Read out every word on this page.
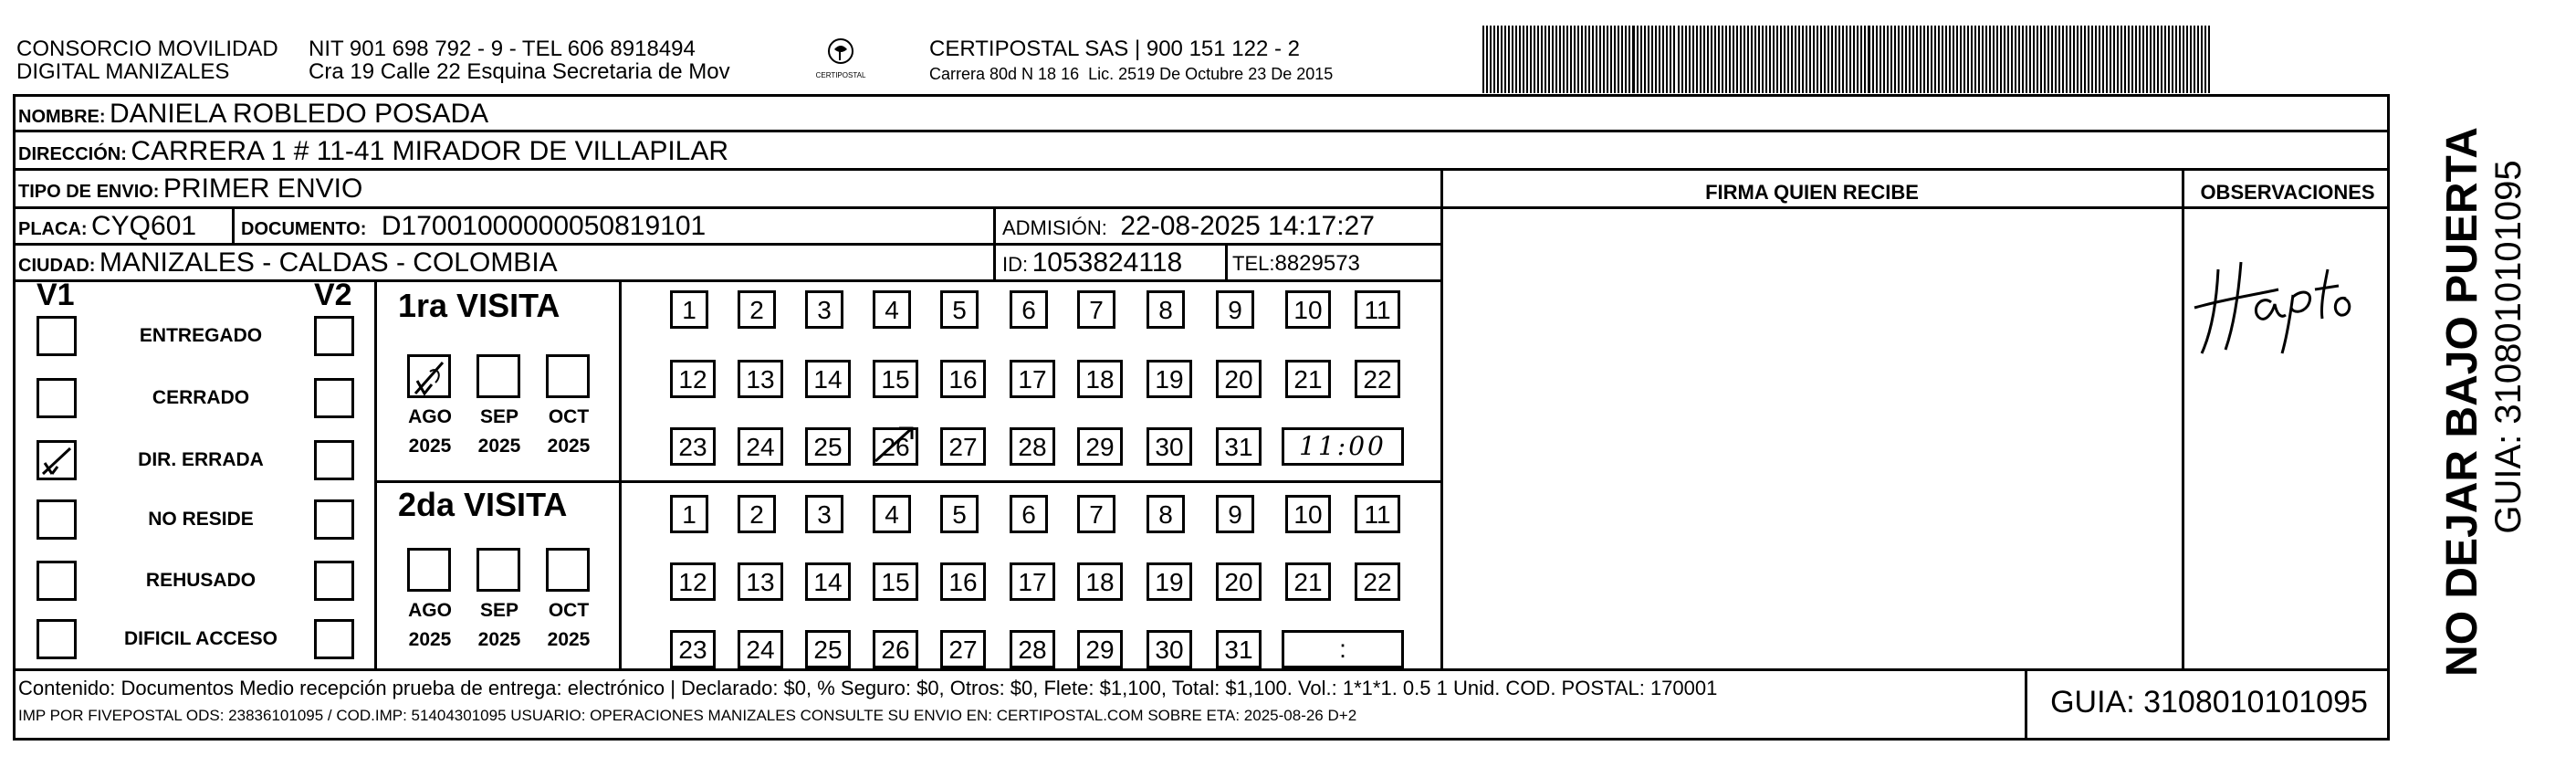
CONSORCIO MOVILIDAD
DIGITAL MANIZALES
NIT 901 698 792 - 9 - TEL 606 8918494
Cra 19 Calle 22 Esquina Secretaria de Mov	CERTIPOSTAL
CERTIPOSTAL SAS | 900 151 122 - 2
Carrera 80d N 18 16  Lic. 2519 De Octubre 23 De 2015
NOMBRE: DANIELA ROBLEDO POSADA
DIRECCIÓN: CARRERA 1 # 11-41 MIRADOR DE VILLAPILAR
TIPO DE ENVIO: PRIMER ENVIO
PLACA: CYQ601 DOCUMENTO: D17001000000050819101	ADMISIÓN: 22-08-2025 14:17:27
CIUDAD: MANIZALES - CALDAS - COLOMBIA	ID: 1053824118 TEL:8829573
FIRMA QUIEN RECIBE	OBSERVACIONES
V1	V2
ENTREGADO
CERRADO
DIR. ERRADA
NO RESIDE
REHUSADO
DIFICIL ACCESO
1ra VISITA
2da VISITA
AGO
2025
SEP
2025
OCT
2025
AGO
2025
SEP
2025
OCT
2025
1	2	3	4	5	6	7	8	9	10	11
12	13	14	15	16	17	18	19	20	21	22
23	24	25	26	27	28	29	30	31	11:00
1	2	3	4	5	6	7	8	9	10	11
12	13	14	15	16	17	18	19	20	21	22
23	24	25	26	27	28	29	30	31	:
Contenido: Documentos Medio recepción prueba de entrega: electrónico | Declarado: $0, % Seguro: $0, Otros: $0, Flete: $1,100, Total: $1,100. Vol.: 1*1*1. 0.5 1 Unid. COD. POSTAL: 170001
IMP POR FIVEPOSTAL ODS: 23836101095 / COD.IMP: 51404301095 USUARIO: OPERACIONES MANIZALES CONSULTE SU ENVIO EN: CERTIPOSTAL.COM SOBRE ETA: 2025-08-26 D+2	GUIA: 3108010101095
NO DEJAR BAJO PUERTA GUIA: 3108010101095
